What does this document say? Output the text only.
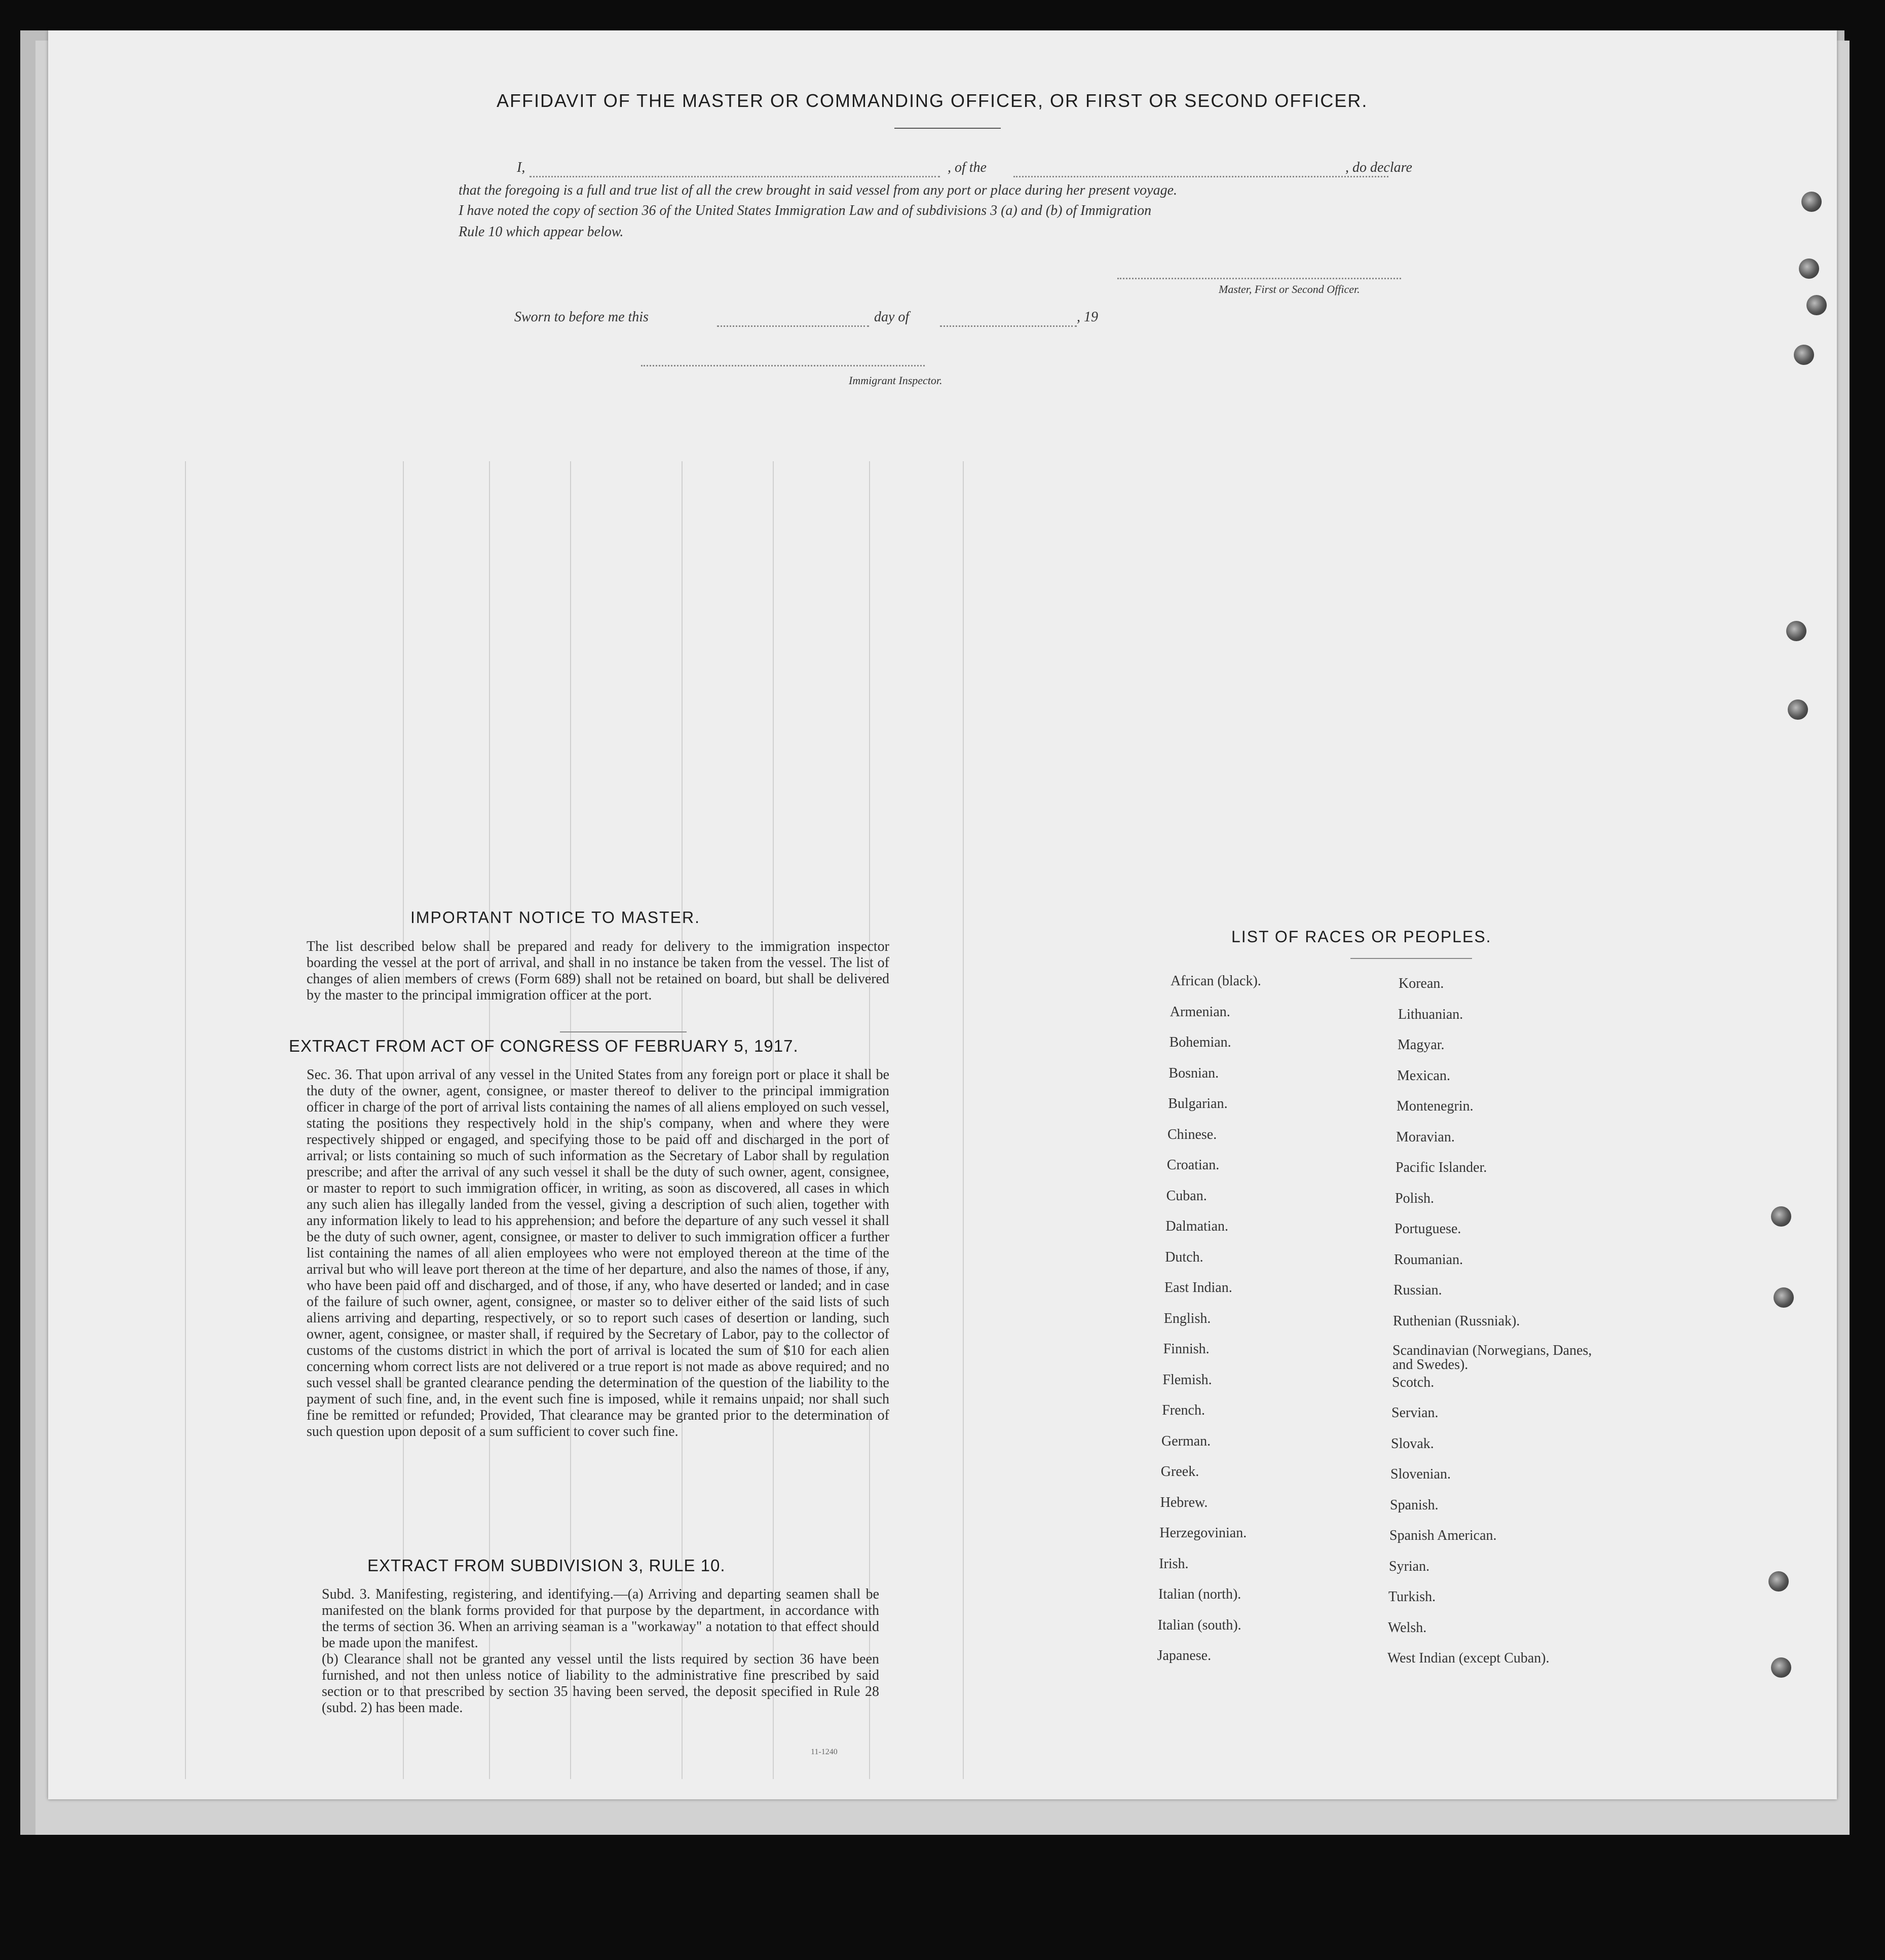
AFFIDAVIT OF THE MASTER OR COMMANDING OFFICER, OR FIRST OR SECOND OFFICER.
I,	, of the	, do declare
that the foregoing is a full and true list of all the crew brought in said vessel from any port or place during her present voyage.
I have noted the copy of section 36 of the United States Immigration Law and of subdivisions 3 (a) and (b) of Immigration
Rule 10 which appear below.
Master, First or Second Officer.
Sworn to before me this	day of	, 19
Immigrant Inspector.
IMPORTANT NOTICE TO MASTER.
The list described below shall be prepared and ready for delivery to the immigration inspector boarding the vessel at the port of arrival, and shall in no instance be taken from the vessel. The list of changes of alien members of crews (Form 689) shall not be retained on board, but shall be delivered by the master to the principal immigration officer at the port.
EXTRACT FROM ACT OF CONGRESS OF FEBRUARY 5, 1917.
Sec. 36. That upon arrival of any vessel in the United States from any foreign port or place it shall be the duty of the owner, agent, consignee, or master thereof to deliver to the principal immigration officer in charge of the port of arrival lists containing the names of all aliens employed on such vessel, stating the positions they respectively hold in the ship's company, when and where they were respectively shipped or engaged, and specifying those to be paid off and discharged in the port of arrival; or lists containing so much of such information as the Secretary of Labor shall by regulation prescribe; and after the arrival of any such vessel it shall be the duty of such owner, agent, consignee, or master to report to such immigration officer, in writing, as soon as discovered, all cases in which any such alien has illegally landed from the vessel, giving a description of such alien, together with any information likely to lead to his apprehension; and before the departure of any such vessel it shall be the duty of such owner, agent, consignee, or master to deliver to such immigration officer a further list containing the names of all alien employees who were not employed thereon at the time of the arrival but who will leave port thereon at the time of her departure, and also the names of those, if any, who have been paid off and discharged, and of those, if any, who have deserted or landed; and in case of the failure of such owner, agent, consignee, or master so to deliver either of the said lists of such aliens arriving and departing, respectively, or so to report such cases of desertion or landing, such owner, agent, consignee, or master shall, if required by the Secretary of Labor, pay to the collector of customs of the customs district in which the port of arrival is located the sum of $10 for each alien concerning whom correct lists are not delivered or a true report is not made as above required; and no such vessel shall be granted clearance pending the determination of the question of the liability to the payment of such fine, and, in the event such fine is imposed, while it remains unpaid; nor shall such fine be remitted or refunded; Provided, That clearance may be granted prior to the determination of such question upon deposit of a sum sufficient to cover such fine.
EXTRACT FROM SUBDIVISION 3, RULE 10.
Subd. 3. Manifesting, registering, and identifying.—(a) Arriving and departing seamen shall be manifested on the blank forms provided for that purpose by the department, in accordance with the terms of section 36. When an arriving seaman is a "workaway" a notation to that effect should be made upon the manifest.
(b) Clearance shall not be granted any vessel until the lists required by section 36 have been furnished, and not then unless notice of liability to the administrative fine prescribed by said section or to that prescribed by section 35 having been served, the deposit specified in Rule 28 (subd. 2) has been made.
11-1240
LIST OF RACES OR PEOPLES.
African (black).
Armenian.
Bohemian.
Bosnian.
Bulgarian.
Chinese.
Croatian.
Cuban.
Dalmatian.
Dutch.
East Indian.
English.
Finnish.
Flemish.
French.
German.
Greek.
Hebrew.
Herzegovinian.
Irish.
Italian (north).
Italian (south).
Japanese.
Korean.
Lithuanian.
Magyar.
Mexican.
Montenegrin.
Moravian.
Pacific Islander.
Polish.
Portuguese.
Roumanian.
Russian.
Ruthenian (Russniak).
Scandinavian (Norwegians, Danes, and Swedes).
Scotch.
Servian.
Slovak.
Slovenian.
Spanish.
Spanish American.
Syrian.
Turkish.
Welsh.
West Indian (except Cuban).
